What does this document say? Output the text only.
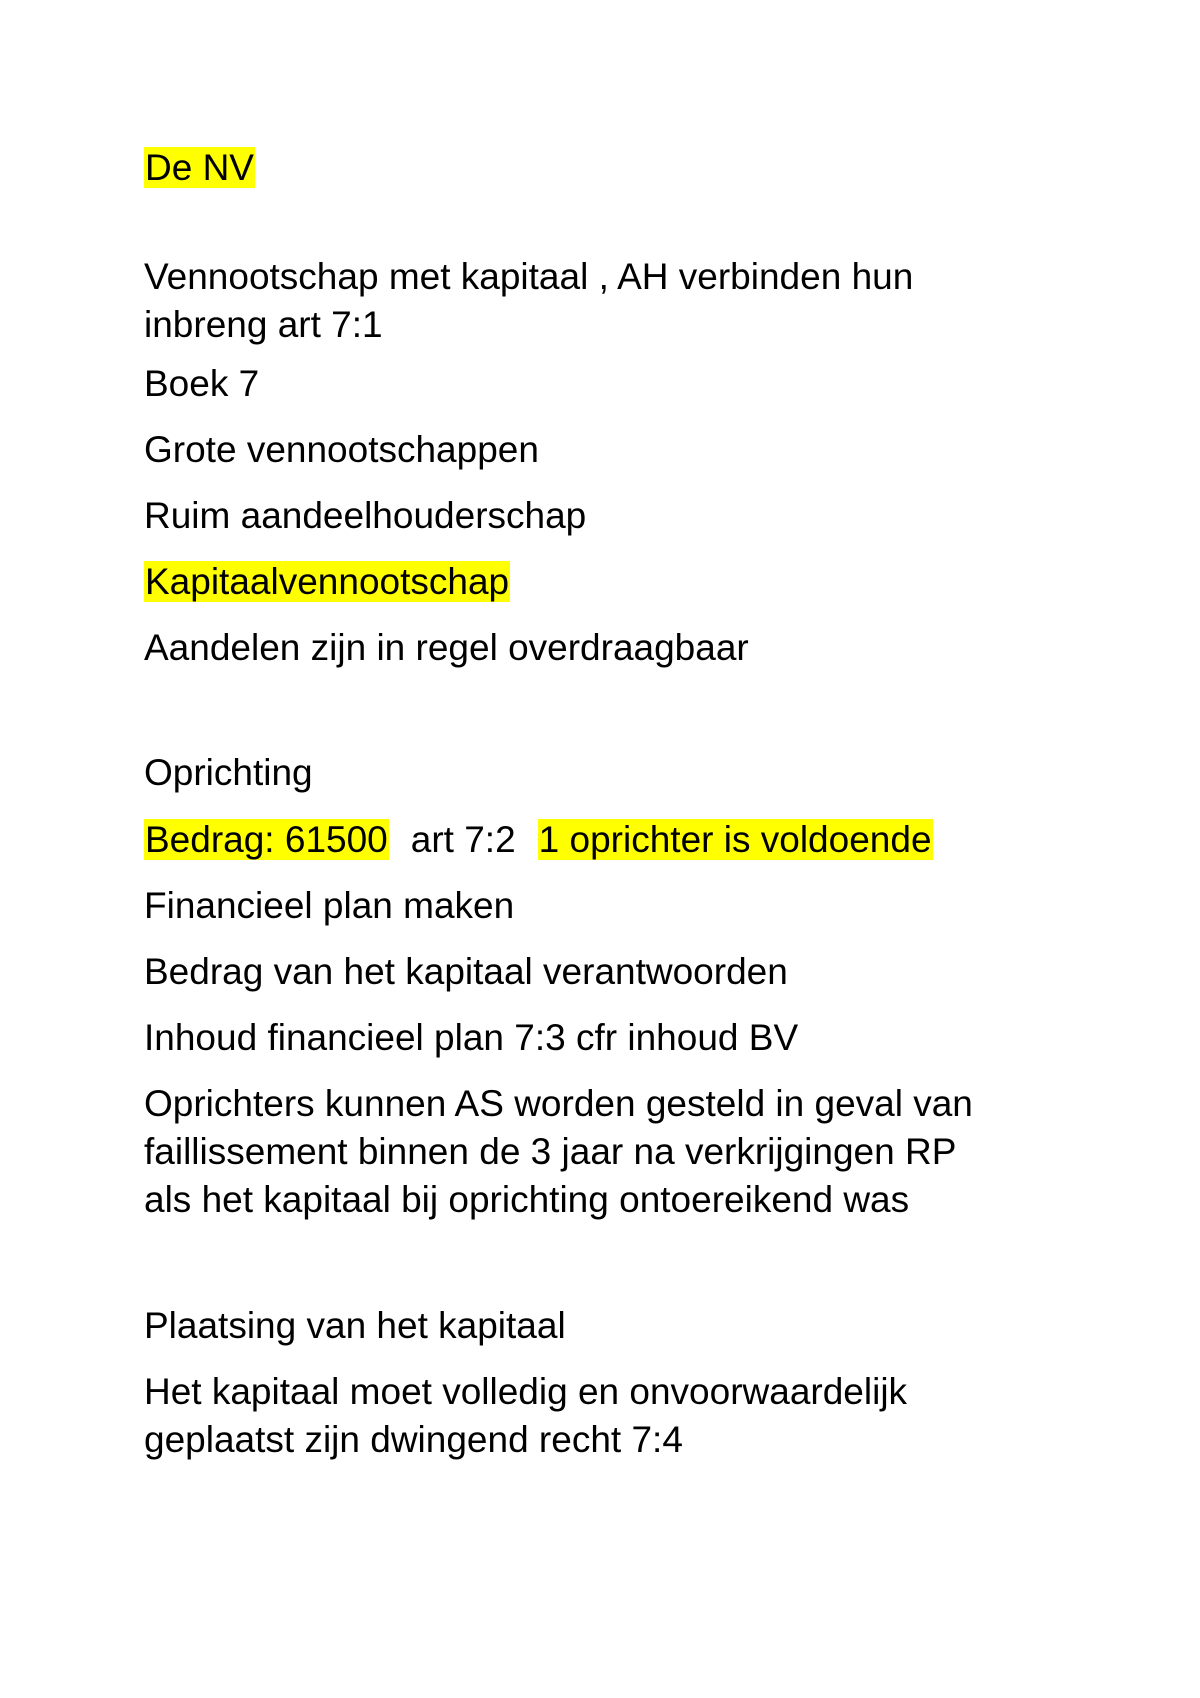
De NV

Vennootschap met kapitaal , AH verbinden hun

inbreng art 7:1

Boek 7

Grote vennootschappen

Ruim aandeelhouderschap

Kapitaalvennootschap

Aandelen zijn in regel overdraagbaar

Oprichting

Bedrag: 61500 art 7:2 1 oprichter is voldoende

Financieel plan maken

Bedrag van het kapitaal verantwoorden

Inhoud financieel plan 7:3 cfr inhoud BV

Oprichters kunnen AS worden gesteld in geval van

faillissement binnen de 3 jaar na verkrijgingen RP

als het kapitaal bij oprichting ontoereikend was

Plaatsing van het kapitaal

Het kapitaal moet volledig en onvoorwaardelijk

geplaatst zijn dwingend recht 7:4
